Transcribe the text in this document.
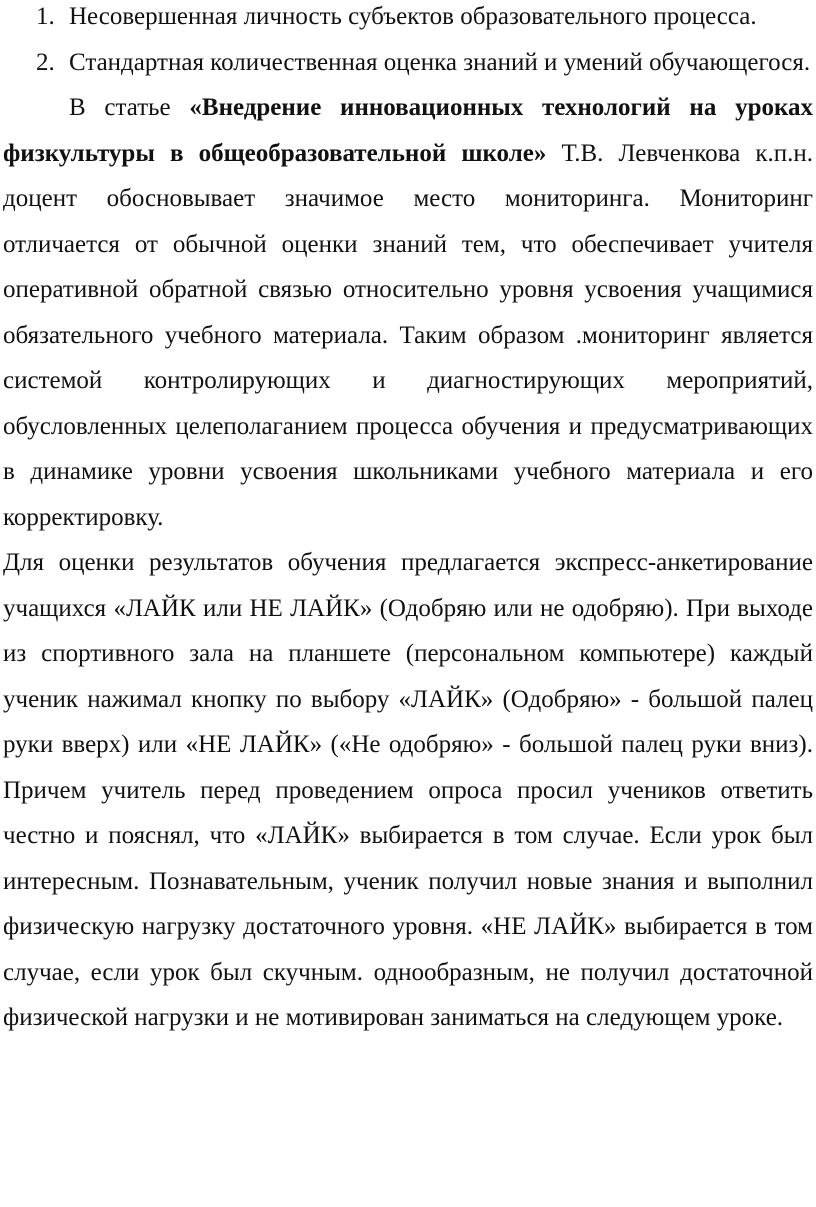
1. Несовершенная личность субъектов образовательного процесса.
2. Стандартная количественная оценка знаний и умений обучающегося.

В статье «Внедрение инновационных технологий на уроках физкультуры в общеобразовательной школе» Т.В. Левченкова к.п.н. доцент обосновывает значимое место мониторинга. Мониторинг отличается от обычной оценки знаний тем, что обеспечивает учителя оперативной обратной связью относительно уровня усвоения учащимися обязательного учебного материала. Таким образом .мониторинг является системой контролирующих и диагностирующих мероприятий, обусловленных целеполаганием процесса обучения и предусматривающих в динамике уровни усвоения школьниками учебного материала и его корректировку.

Для оценки результатов обучения предлагается экспресс-анкетирование учащихся «ЛАЙК или НЕ ЛАЙК» (Одобряю или не одобряю). При выходе из спортивного зала на планшете (персональном компьютере) каждый ученик нажимал кнопку по выбору «ЛАЙК» (Одобряю» - большой палец руки вверх) или «НЕ ЛАЙК» («Не одобряю» - большой палец руки вниз). Причем учитель перед проведением опроса просил учеников ответить честно и пояснял, что «ЛАЙК» выбирается в том случае. Если урок был интересным. Познавательным, ученик получил новые знания и выполнил физическую нагрузку достаточного уровня. «НЕ ЛАЙК» выбирается в том случае, если урок был скучным. однообразным, не получил достаточной физической нагрузки и не мотивирован заниматься на следующем уроке.
